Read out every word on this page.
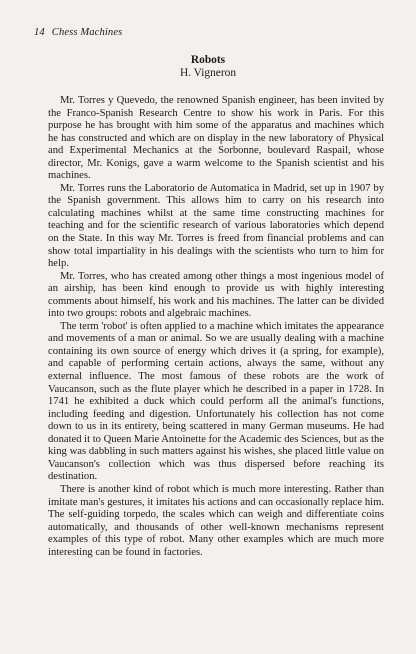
14 Chess Machines
Robots
H. Vigneron

Mr. Torres y Quevedo, the renowned Spanish engineer, has been invited by the Franco-Spanish Research Centre to show his work in Paris. For this purpose he has brought with him some of the apparatus and machines which he has constructed and which are on display in the new laboratory of Physical and Experimental Mechanics at the Sorbonne, boulevard Raspail, whose director, Mr. Konigs, gave a warm welcome to the Spanish scientist and his machines.

Mr. Torres runs the Laboratorio de Automatica in Madrid, set up in 1907 by the Spanish government. This allows him to carry on his research into calculating machines whilst at the same time constructing machines for teaching and for the scientific research of various laboratories which depend on the State. In this way Mr. Torres is freed from financial problems and can show total impartiality in his dealings with the scientists who turn to him for help.

Mr. Torres, who has created among other things a most ingenious model of an airship, has been kind enough to provide us with highly interesting comments about himself, his work and his machines. The latter can be divided into two groups: robots and algebraic machines.

The term 'robot' is often applied to a machine which imitates the appearance and movements of a man or animal. So we are usually dealing with a machine containing its own source of energy which drives it (a spring, for example), and capable of performing certain actions, always the same, without any external influence. The most famous of these robots are the work of Vaucanson, such as the flute player which he described in a paper in 1728. In 1741 he exhibited a duck which could perform all the animal's functions, including feeding and digestion. Unfortunately his collection has not come down to us in its entirety, being scattered in many German museums. He had donated it to Queen Marie Antoinette for the Academic des Sciences, but as the king was dabbling in such matters against his wishes, she placed little value on Vaucanson's collection which was thus dispersed before reaching its destination.

There is another kind of robot which is much more interesting. Rather than imitate man's gestures, it imitates his actions and can occasionally replace him. The self-guiding torpedo, the scales which can weigh and differentiate coins automatically, and thousands of other well-known mechanisms represent examples of this type of robot. Many other examples which are much more interesting can be found in factories.
